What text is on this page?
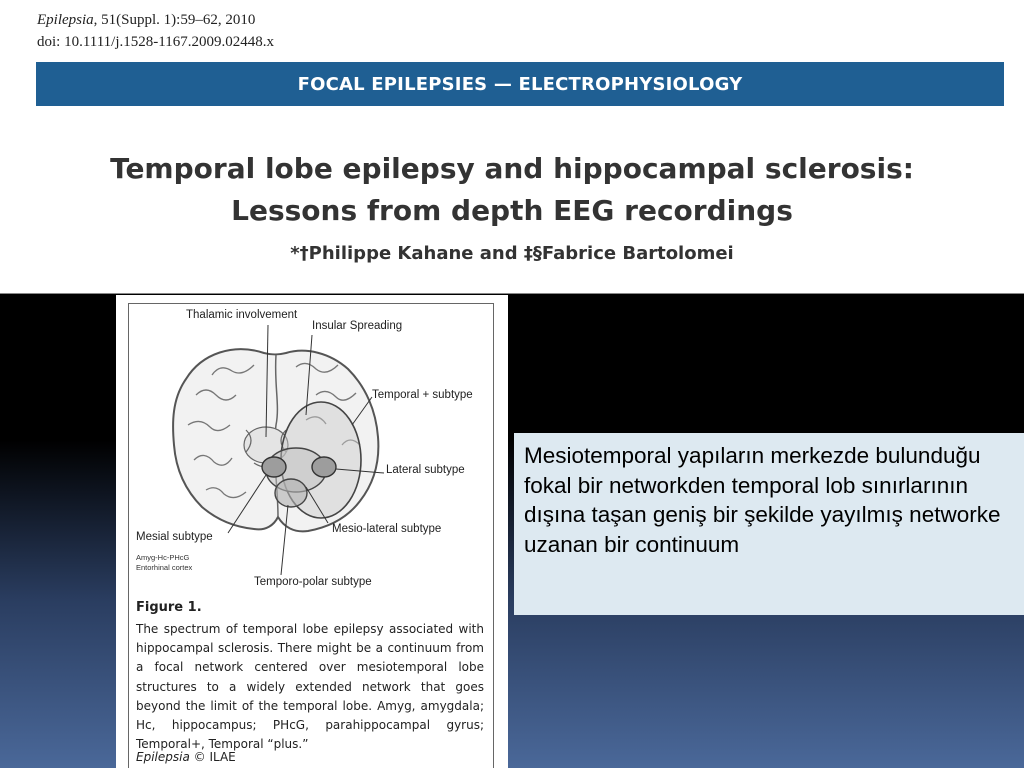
Epilepsia, 51(Suppl. 1):59–62, 2010
doi: 10.1111/j.1528-1167.2009.02448.x
FOCAL EPILEPSIES — ELECTROPHYSIOLOGY
Temporal lobe epilepsy and hippocampal sclerosis:
Lessons from depth EEG recordings
*†Philippe Kahane and ‡§Fabrice Bartolomei
Thalamic involvement
Insular Spreading
Temporal + subtype
Lateral subtype
Mesio-lateral subtype
Mesial subtype
Amyg-Hc-PHcG
Entorhinal cortex
Temporo-polar subtype
Figure 1.
The spectrum of temporal lobe epilepsy associated with hippocampal sclerosis. There might be a continuum from a focal network centered over mesiotemporal lobe structures to a widely extended network that goes beyond the limit of the temporal lobe. Amyg, amygdala; Hc, hippocampus; PHcG, parahippocampal gyrus; Temporal+, Temporal “plus.”
Epilepsia © ILAE
Mesiotemporal yapıların merkezde bulunduğu fokal bir networkden temporal lob sınırlarının dışına taşan geniş bir şekilde yayılmış networke uzanan bir continuum
